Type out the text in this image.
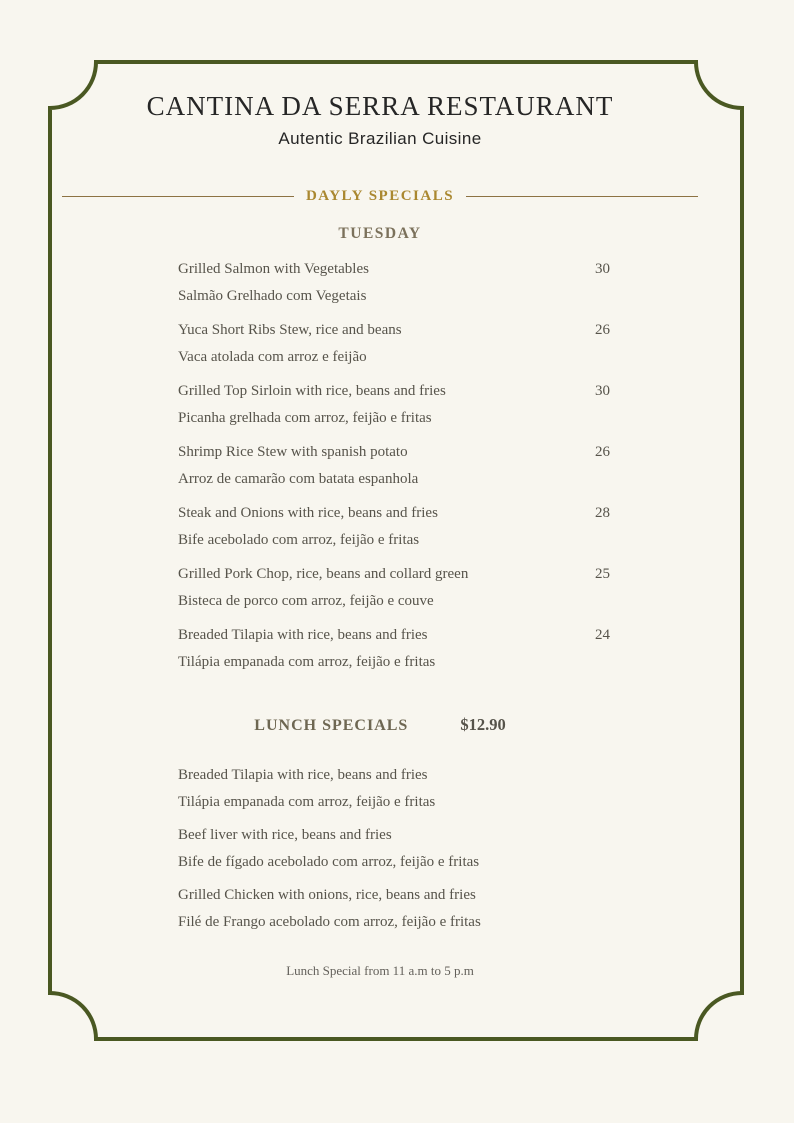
CANTINA DA SERRA RESTAURANT
Autentic Brazilian Cuisine
DAYLY SPECIALS
TUESDAY
Grilled Salmon with Vegetables	30
Salmão Grelhado com Vegetais
Yuca Short Ribs Stew, rice and beans	26
Vaca atolada com arroz e feijão
Grilled Top Sirloin with rice, beans and fries	30
Picanha grelhada com arroz, feijão e fritas
Shrimp Rice Stew with spanish potato	26
Arroz de camarão com batata espanhola
Steak and Onions with rice, beans and fries	28
Bife acebolado com arroz, feijão e fritas
Grilled Pork Chop, rice, beans and collard green	25
Bisteca de porco com arroz, feijão e couve
Breaded Tilapia with rice, beans and fries	24
Tilápia empanada com arroz, feijão e fritas
LUNCH SPECIALS	$12.90
Breaded Tilapia with rice, beans and fries
Tilápia empanada com arroz, feijão e fritas
Beef liver with rice, beans and fries
Bife de fígado acebolado com arroz, feijão e fritas
Grilled Chicken with onions, rice, beans and fries
Filé de Frango acebolado com arroz, feijão e fritas
Lunch Special from 11 a.m to 5 p.m
